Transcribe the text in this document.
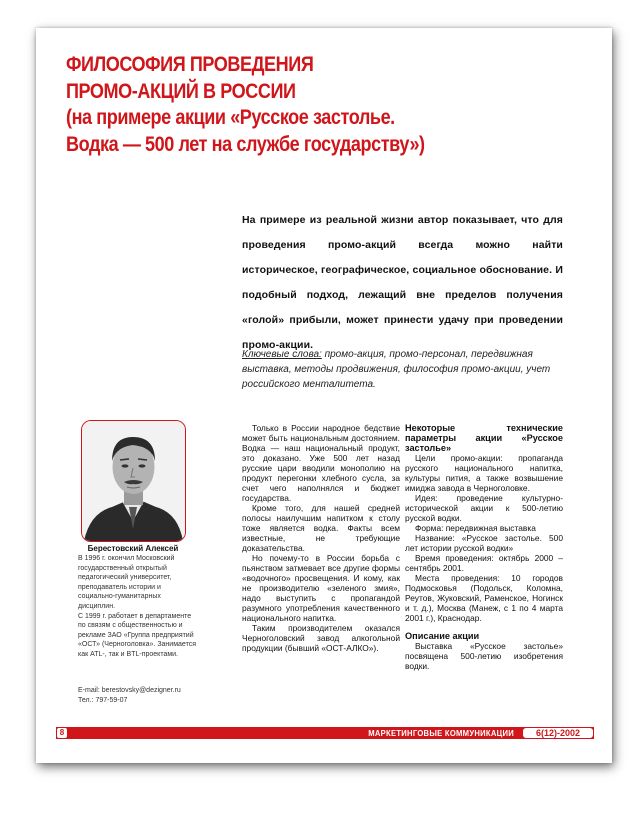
ФИЛОСОФИЯ ПРОВЕДЕНИЯ
ПРОМО-АКЦИЙ В РОССИИ
(на примере акции «Русское застолье.
Водка — 500 лет на службе государству»)
На примере из реальной жизни автор показывает, что для проведения промо-акций всегда можно найти историческое, географическое, социальное обоснование. И подобный подход, лежащий вне пределов получения «голой» прибыли, может принести удачу при проведении промо-акции.
Ключевые слова: промо-акция, промо-персонал, передвижная выставка, методы продвижения, философия промо-акции, учет российского менталитета.
Берестовский Алексей

В 1996 г. окончил Московский государственный открытый педагогический университет, преподаватель истории и социально-гуманитарных дисциплин.

С 1999 г. работает в департаменте по связям с общественностью и рекламе ЗАО «Группа предприятий «ОСТ» (Черноголовка». Занимается как ATL-, так и BTL-проектами.

E-mail: berestovsky@dezigner.ru
Тел.: 797-59-07

Только в России народное бедствие может быть национальным достоянием. Водка — наш национальный продукт, это доказано. Уже 500 лет назад русские цари вводили монополию на продукт перегонки хлебного сусла, за счет чего наполнялся и бюджет государства.

Кроме того, для нашей средней полосы наилучшим напитком к столу тоже является водка. Факты всем известные, не требующие доказательства.

Но почему-то в России борьба с пьянством затмевает все другие формы «водочного» просвещения. И кому, как не производителю «зеленого змия», надо выступить с пропагандой разумного употребления качественного национального напитка.

Таким производителем оказался Черноголовский завод алкогольной продукции (бывший «ОСТ-АЛКО»).

Некоторые технические параметры акции «Русское застолье»

Цели промо-акции: пропаганда русского национального напитка, культуры пития, а также возвышение имиджа завода в Черноголовке.

Идея: проведение культурно-исторической акции к 500-летию русской водки.

Форма: передвижная выставка

Название: «Русское застолье. 500 лет истории русской водки»

Время проведения: октябрь 2000 – сентябрь 2001.

Места проведения: 10 городов Подмосковья (Подольск, Коломна, Реутов, Жуковский, Раменское, Ногинск и т. д.), Москва (Манеж, с 1 по 4 марта 2001 г.), Краснодар.

Описание акции

Выставка «Русское застолье» посвящена 500-летию изобретения водки.

8	МАРКЕТИНГОВЫЕ КОММУНИКАЦИИ	6(12)-2002
